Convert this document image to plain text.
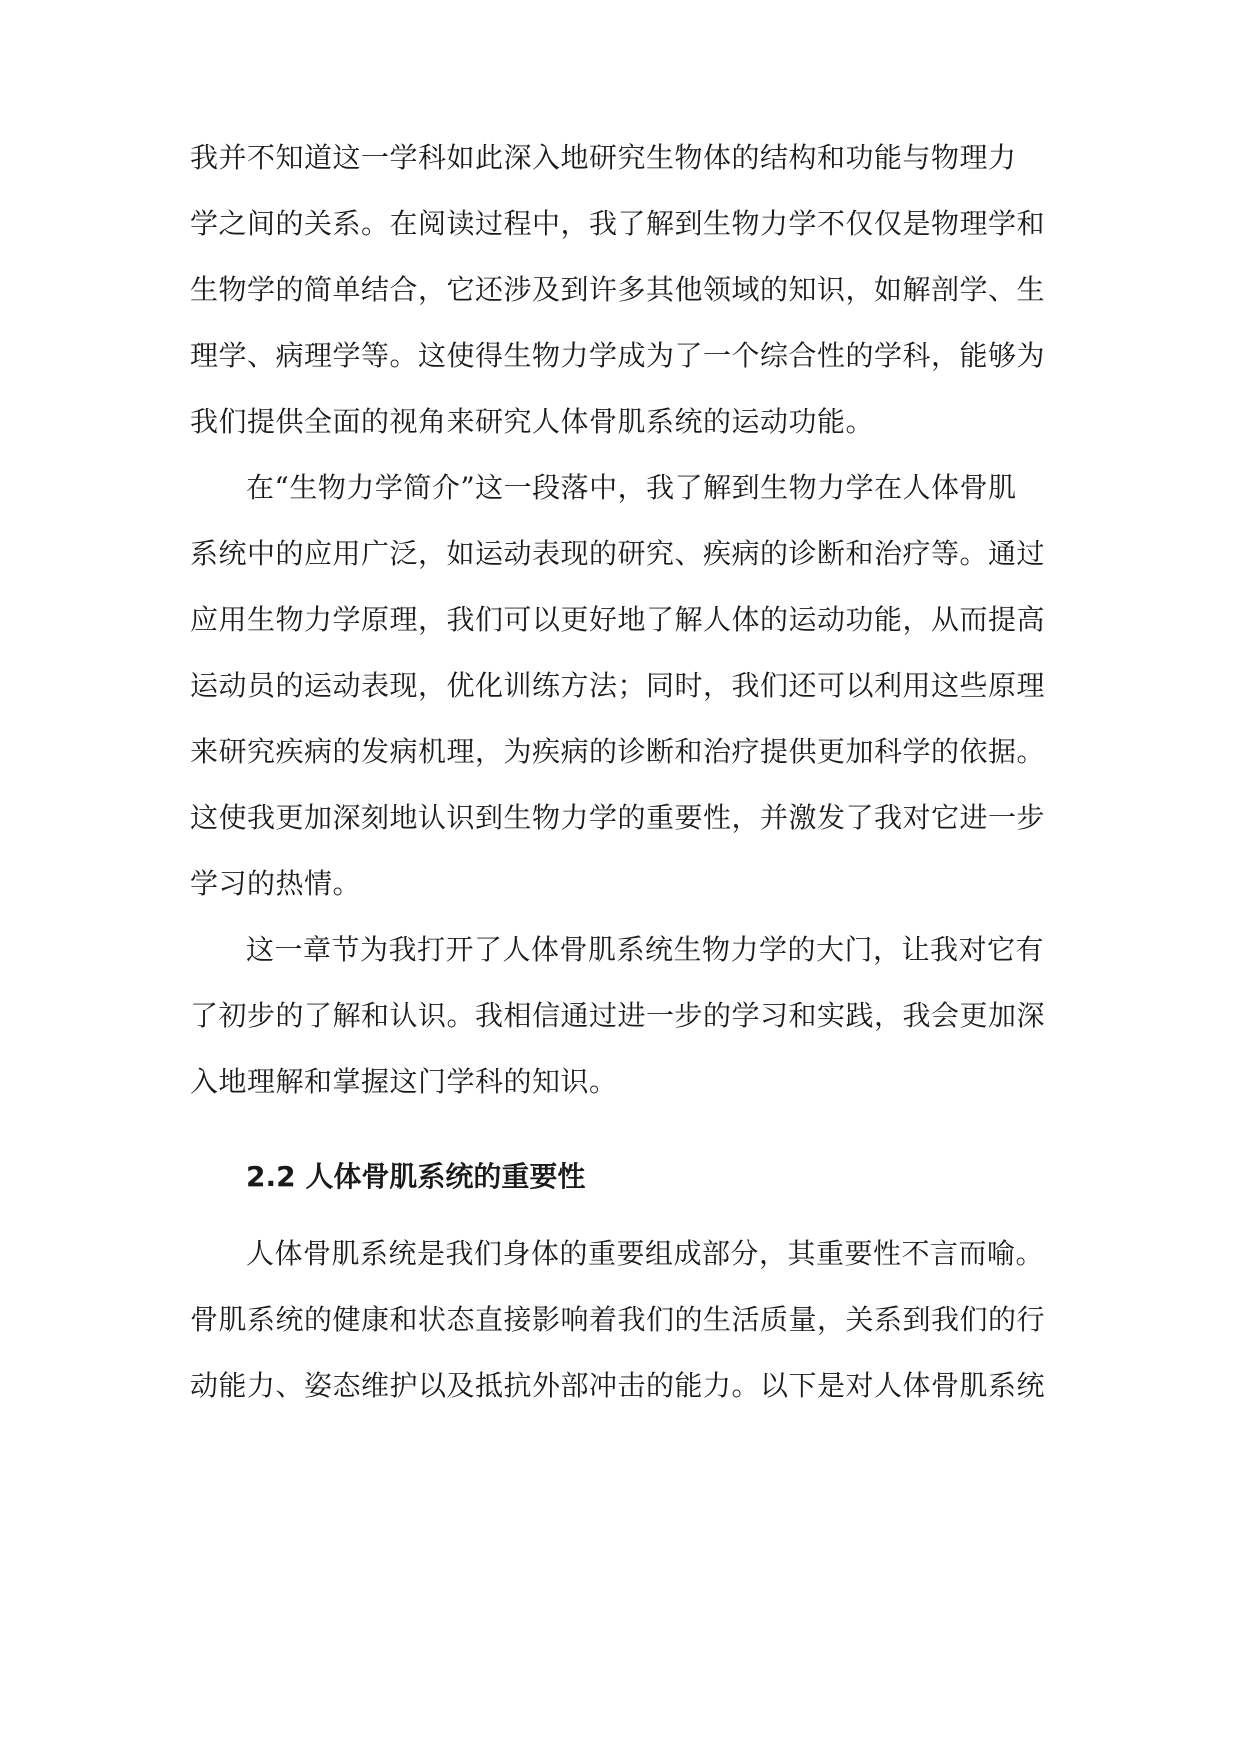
我并不知道这一学科如此深入地研究生物体的结构和功能与物理力
学之间的关系。在阅读过程中，我了解到生物力学不仅仅是物理学和
生物学的简单结合，它还涉及到许多其他领域的知识，如解剖学、生
理学、病理学等。这使得生物力学成为了一个综合性的学科，能够为
我们提供全面的视角来研究人体骨肌系统的运动功能。
在“生物力学简介”这一段落中，我了解到生物力学在人体骨肌
系统中的应用广泛，如运动表现的研究、疾病的诊断和治疗等。通过
应用生物力学原理，我们可以更好地了解人体的运动功能，从而提高
运动员的运动表现，优化训练方法；同时，我们还可以利用这些原理
来研究疾病的发病机理，为疾病的诊断和治疗提供更加科学的依据。
这使我更加深刻地认识到生物力学的重要性，并激发了我对它进一步
学习的热情。
这一章节为我打开了人体骨肌系统生物力学的大门，让我对它有
了初步的了解和认识。我相信通过进一步的学习和实践，我会更加深
入地理解和掌握这门学科的知识。
2.2 人体骨肌系统的重要性
人体骨肌系统是我们身体的重要组成部分，其重要性不言而喻。
骨肌系统的健康和状态直接影响着我们的生活质量，关系到我们的行
动能力、姿态维护以及抵抗外部冲击的能力。以下是对人体骨肌系统
